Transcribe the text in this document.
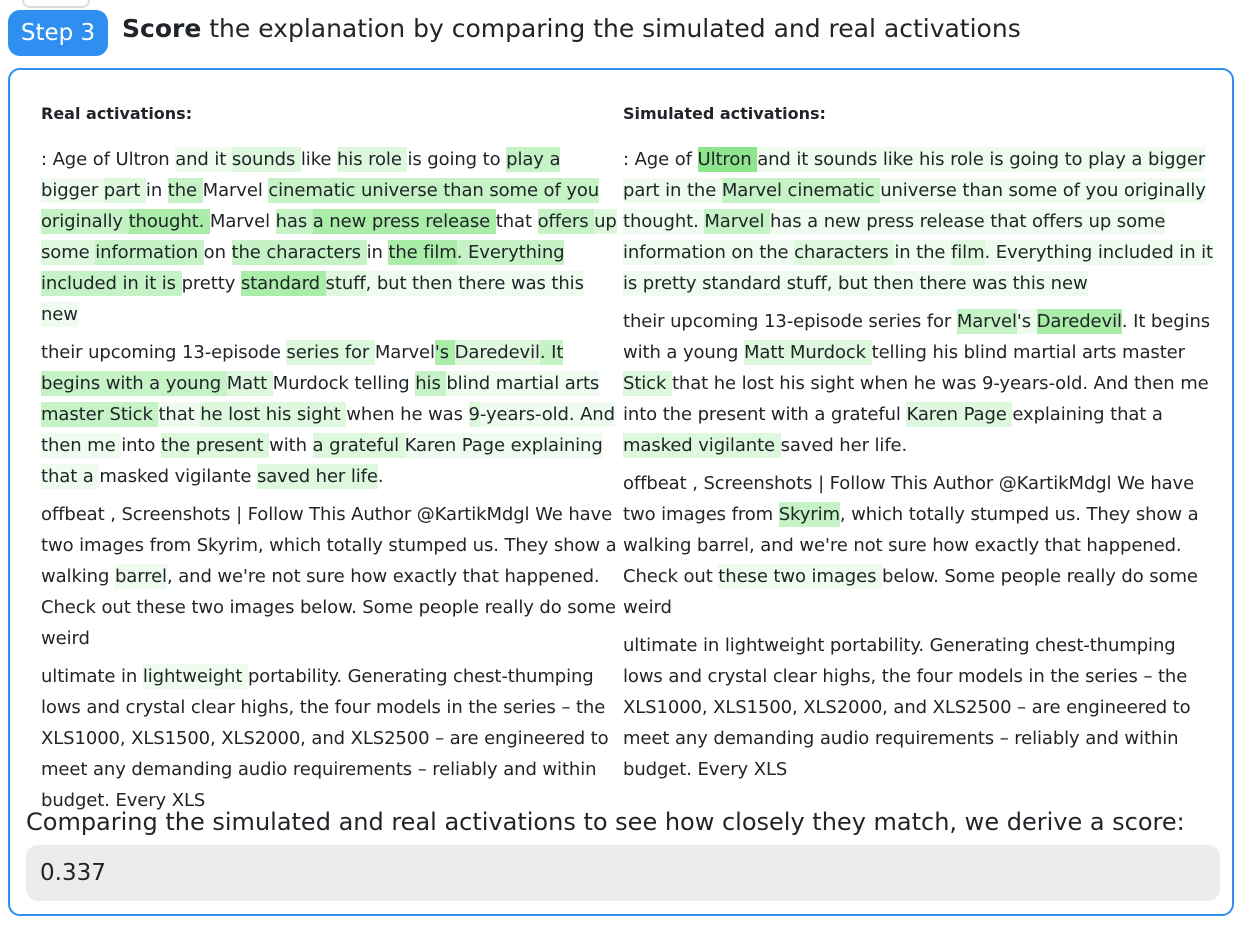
Step 3	Score the explanation by comparing the simulated and real activations
Real activations:

: Age of Ultron and it sounds like his role is going to play a bigger part in the Marvel cinematic universe than some of you originally thought. Marvel has a new press release that offers up some information on the characters in the film. Everything included in it is pretty standard stuff, but then there was this new

their upcoming 13-episode series for Marvel's Daredevil. It begins with a young Matt Murdock telling his blind martial arts master Stick that he lost his sight when he was 9-years-old. And then me into the present with a grateful Karen Page explaining that a masked vigilante saved her life.

offbeat , Screenshots | Follow This Author @KartikMdgl We have two images from Skyrim, which totally stumped us. They show a walking barrel, and we're not sure how exactly that happened. Check out these two images below. Some people really do some weird

ultimate in lightweight portability. Generating chest-thumping lows and crystal clear highs, the four models in the series – the XLS1000, XLS1500, XLS2000, and XLS2500 – are engineered to meet any demanding audio requirements – reliably and within budget. Every XLS

Simulated activations:

: Age of Ultron and it sounds like his role is going to play a bigger part in the Marvel cinematic universe than some of you originally thought. Marvel has a new press release that offers up some information on the characters in the film. Everything included in it is pretty standard stuff, but then there was this new

their upcoming 13-episode series for Marvel's Daredevil. It begins with a young Matt Murdock telling his blind martial arts master Stick that he lost his sight when he was 9-years-old. And then me into the present with a grateful Karen Page explaining that a masked vigilante saved her life.

offbeat , Screenshots | Follow This Author @KartikMdgl We have two images from Skyrim, which totally stumped us. They show a walking barrel, and we're not sure how exactly that happened. Check out these two images below. Some people really do some weird

ultimate in lightweight portability. Generating chest-thumping lows and crystal clear highs, the four models in the series – the XLS1000, XLS1500, XLS2000, and XLS2500 – are engineered to meet any demanding audio requirements – reliably and within budget. Every XLS

Comparing the simulated and real activations to see how closely they match, we derive a score:
0.337
